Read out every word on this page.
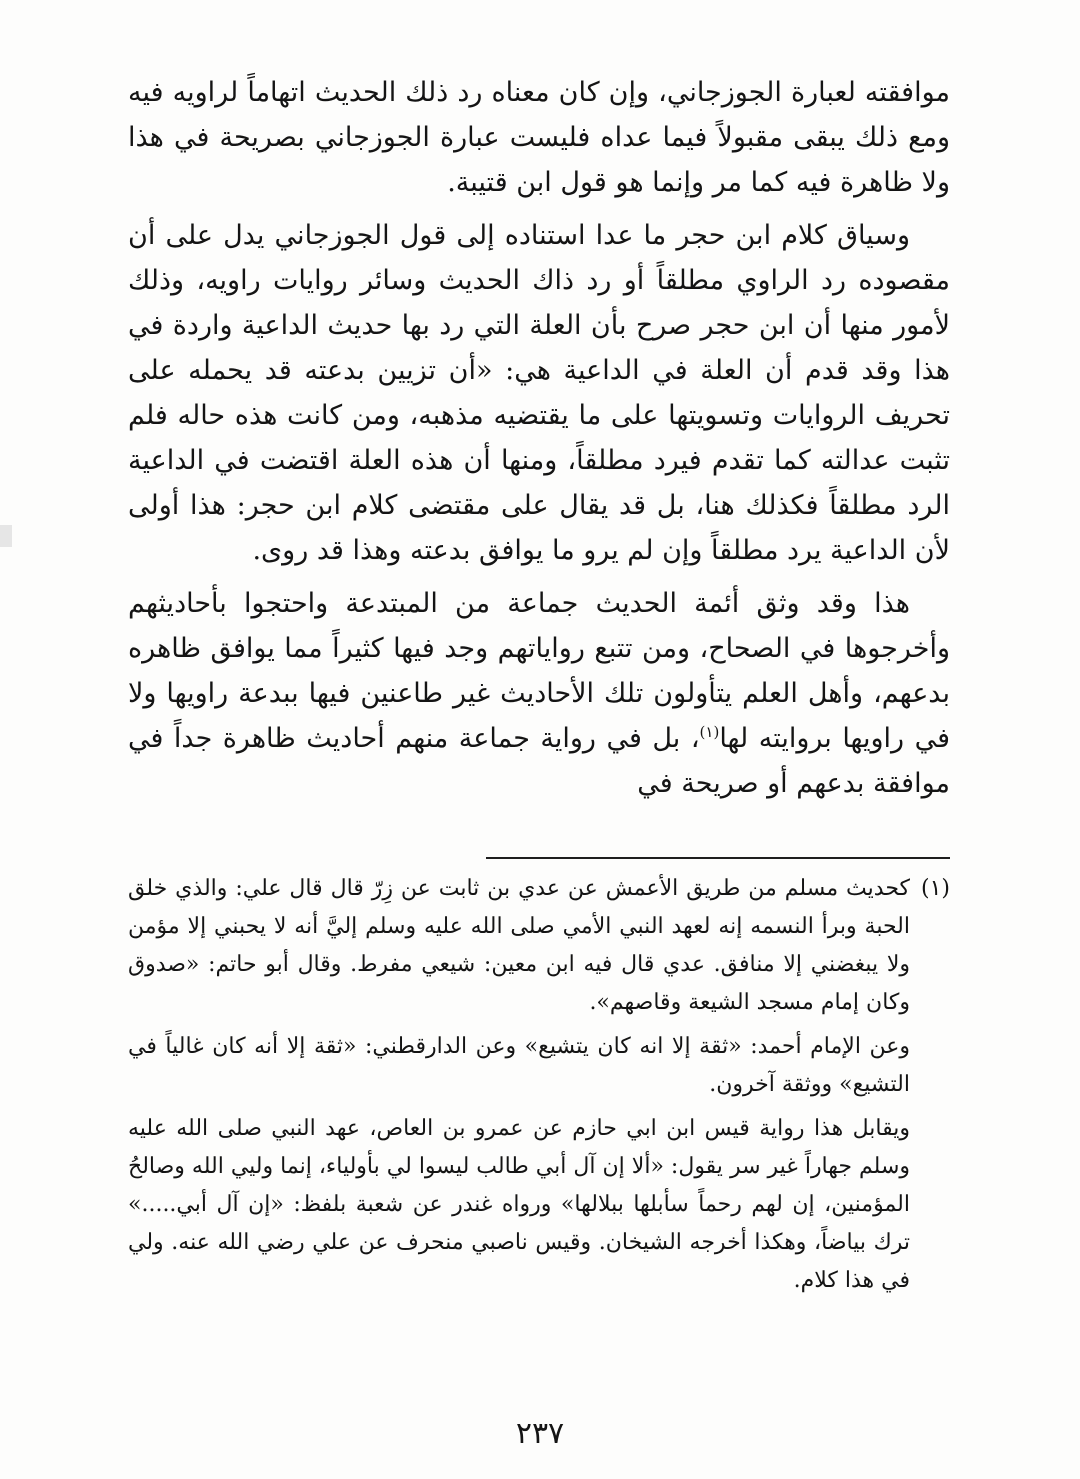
موافقته لعبارة الجوزجاني، وإن كان معناه رد ذلك الحديث اتهاماً لراويه فيه ومع ذلك يبقى مقبولاً فيما عداه فليست عبارة الجوزجاني بصريحة في هذا ولا ظاهرة فيه كما مر وإنما هو قول ابن قتيبة.

وسياق كلام ابن حجر ما عدا استناده إلى قول الجوزجاني يدل على أن مقصوده رد الراوي مطلقاً أو رد ذاك الحديث وسائر روايات راويه، وذلك لأمور منها أن ابن حجر صرح بأن العلة التي رد بها حديث الداعية واردة في هذا وقد قدم أن العلة في الداعية هي: «أن تزيين بدعته قد يحمله على تحريف الروايات وتسويتها على ما يقتضيه مذهبه، ومن كانت هذه حاله فلم تثبت عدالته كما تقدم فيرد مطلقاً، ومنها أن هذه العلة اقتضت في الداعية الرد مطلقاً فكذلك هنا، بل قد يقال على مقتضى كلام ابن حجر: هذا أولى لأن الداعية يرد مطلقاً وإن لم يرو ما يوافق بدعته وهذا قد روى.

هذا وقد وثق أئمة الحديث جماعة من المبتدعة واحتجوا بأحاديثهم وأخرجوها في الصحاح، ومن تتبع رواياتهم وجد فيها كثيراً مما يوافق ظاهره بدعهم، وأهل العلم يتأولون تلك الأحاديث غير طاعنين فيها ببدعة راويها ولا في راويها بروايته لها$^{(١)}$، بل في رواية جماعة منهم أحاديث ظاهرة جداً في موافقة بدعهم أو صريحة في

(١)
كحديث مسلم من طريق الأعمش عن عدي بن ثابت عن زِرّ قال قال علي: والذي خلق الحبة وبرأ النسمه إنه لعهد النبي الأمي صلى الله عليه وسلم إليَّ أنه لا يحبني إلا مؤمن ولا يبغضني إلا منافق. عدي قال فيه ابن معين: شيعي مفرط. وقال أبو حاتم: «صدوق وكان إمام مسجد الشيعة وقاصهم».

وعن الإمام أحمد: «ثقة إلا انه كان يتشيع» وعن الدارقطني: «ثقة إلا أنه كان غالياً في التشيع» ووثقة آخرون.

ويقابل هذا رواية قيس ابن ابي حازم عن عمرو بن العاص، عهد النبي صلى الله عليه وسلم جهاراً غير سر يقول: «ألا إن آل أبي طالب ليسوا لي بأولياء، إنما وليي الله وصالحُ المؤمنين، إن لهم رحماً سأبلها ببلالها» ورواه غندر عن شعبة بلفظ: «إن آل أبي.....» ترك بياضاً، وهكذا أخرجه الشيخان. وقيس ناصبي منحرف عن علي رضي الله عنه. ولي في هذا كلام.

٢٣٧
